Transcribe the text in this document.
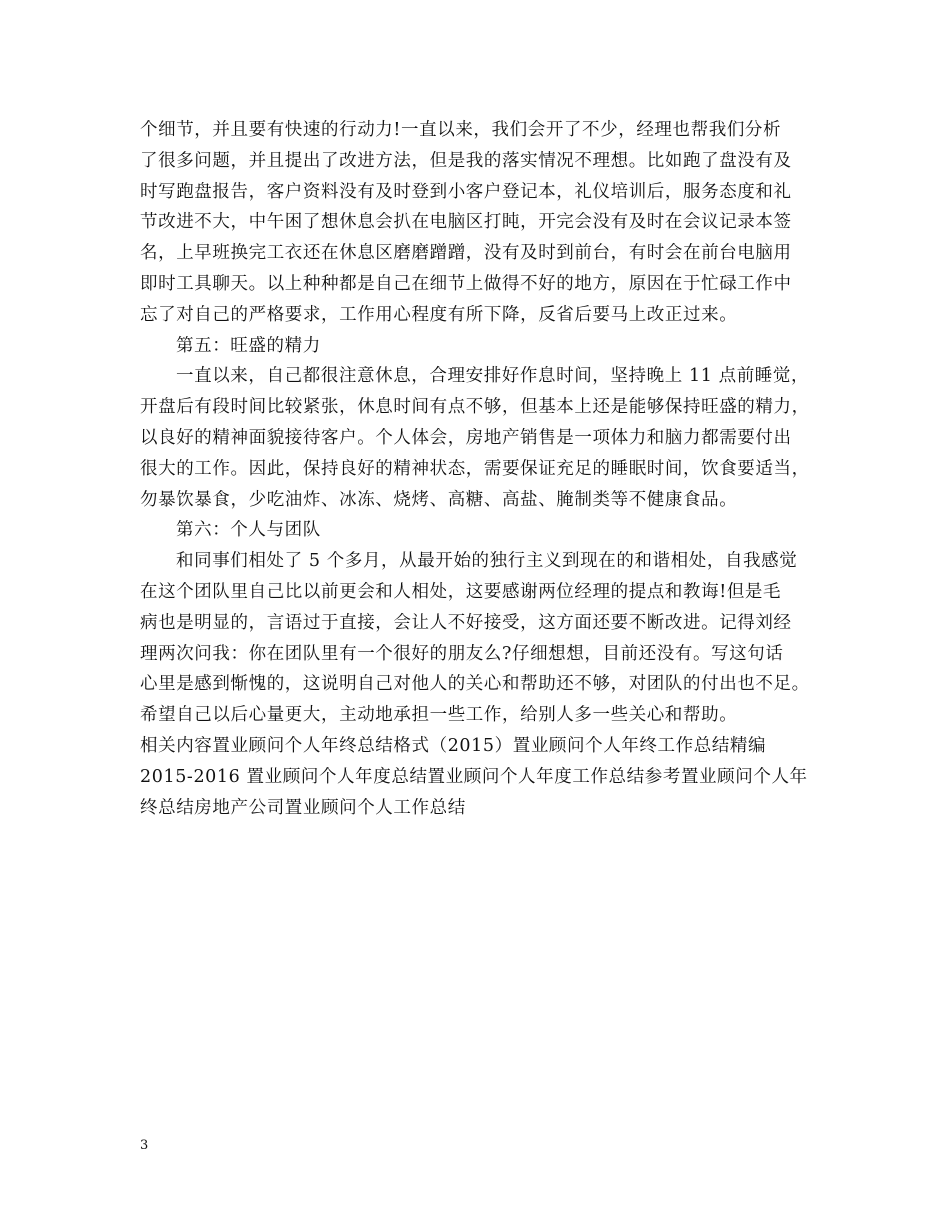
个细节，并且要有快速的行动力!一直以来，我们会开了不少，经理也帮我们分析
了很多问题，并且提出了改进方法，但是我的落实情况不理想。比如跑了盘没有及
时写跑盘报告，客户资料没有及时登到小客户登记本，礼仪培训后，服务态度和礼
节改进不大，中午困了想休息会扒在电脑区打盹，开完会没有及时在会议记录本签
名，上早班换完工衣还在休息区磨磨蹭蹭，没有及时到前台，有时会在前台电脑用
即时工具聊天。以上种种都是自己在细节上做得不好的地方，原因在于忙碌工作中
忘了对自己的严格要求，工作用心程度有所下降，反省后要马上改正过来。
第五：旺盛的精力
一直以来，自己都很注意休息，合理安排好作息时间，坚持晚上 11 点前睡觉，
开盘后有段时间比较紧张，休息时间有点不够，但基本上还是能够保持旺盛的精力，
以良好的精神面貌接待客户。个人体会，房地产销售是一项体力和脑力都需要付出
很大的工作。因此，保持良好的精神状态，需要保证充足的睡眠时间，饮食要适当，
勿暴饮暴食，少吃油炸、冰冻、烧烤、高糖、高盐、腌制类等不健康食品。
第六：个人与团队
和同事们相处了 5 个多月，从最开始的独行主义到现在的和谐相处，自我感觉
在这个团队里自己比以前更会和人相处，这要感谢两位经理的提点和教诲!但是毛
病也是明显的，言语过于直接，会让人不好接受，这方面还要不断改进。记得刘经
理两次问我：你在团队里有一个很好的朋友么?仔细想想，目前还没有。写这句话
心里是感到惭愧的，这说明自己对他人的关心和帮助还不够，对团队的付出也不足。
希望自己以后心量更大，主动地承担一些工作，给别人多一些关心和帮助。
相关内容置业顾问个人年终总结格式（2015）置业顾问个人年终工作总结精编
2015-2016 置业顾问个人年度总结置业顾问个人年度工作总结参考置业顾问个人年
终总结房地产公司置业顾问个人工作总结
3
